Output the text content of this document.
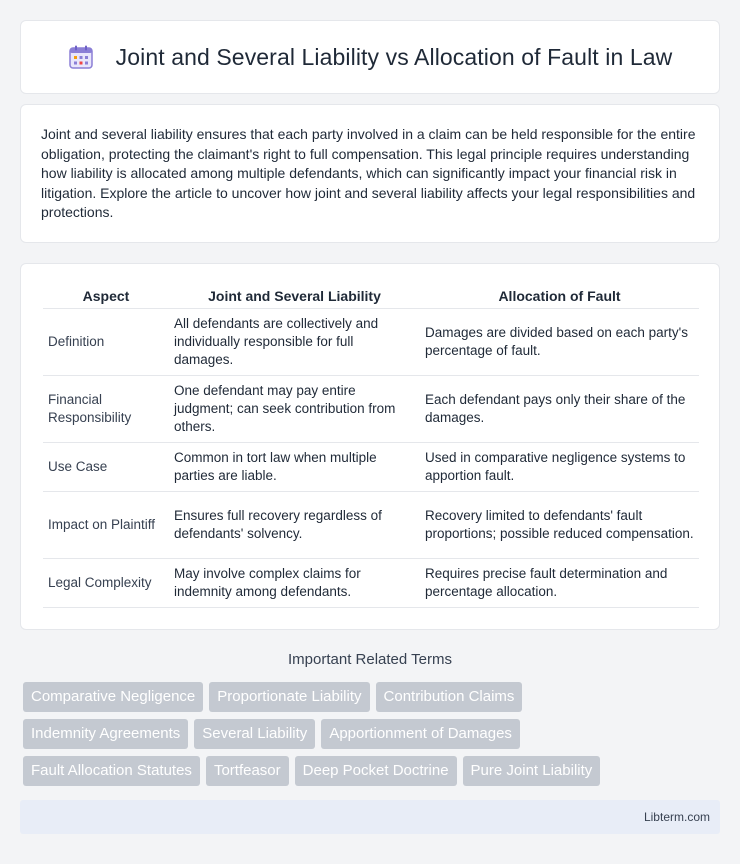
Joint and Several Liability vs Allocation of Fault in Law

Joint and several liability ensures that each party involved in a claim can be held responsible for the entire obligation, protecting the claimant's right to full compensation. This legal principle requires understanding how liability is allocated among multiple defendants, which can significantly impact your financial risk in litigation. Explore the article to uncover how joint and several liability affects your legal responsibilities and protections.

Aspect	Joint and Several Liability	Allocation of Fault
Definition	All defendants are collectively and individually responsible for full damages.	Damages are divided based on each party's percentage of fault.
Financial Responsibility	One defendant may pay entire judgment; can seek contribution from others.	Each defendant pays only their share of the damages.
Use Case	Common in tort law when multiple parties are liable.	Used in comparative negligence systems to apportion fault.
Impact on Plaintiff	Ensures full recovery regardless of defendants' solvency.	Recovery limited to defendants' fault proportions; possible reduced compensation.
Legal Complexity	May involve complex claims for indemnity among defendants.	Requires precise fault determination and percentage allocation.
Important Related Terms
Comparative Negligence	Proportionate Liability	Contribution Claims
Indemnity Agreements	Several Liability	Apportionment of Damages
Fault Allocation Statutes	Tortfeasor	Deep Pocket Doctrine	Pure Joint Liability
Libterm.com
